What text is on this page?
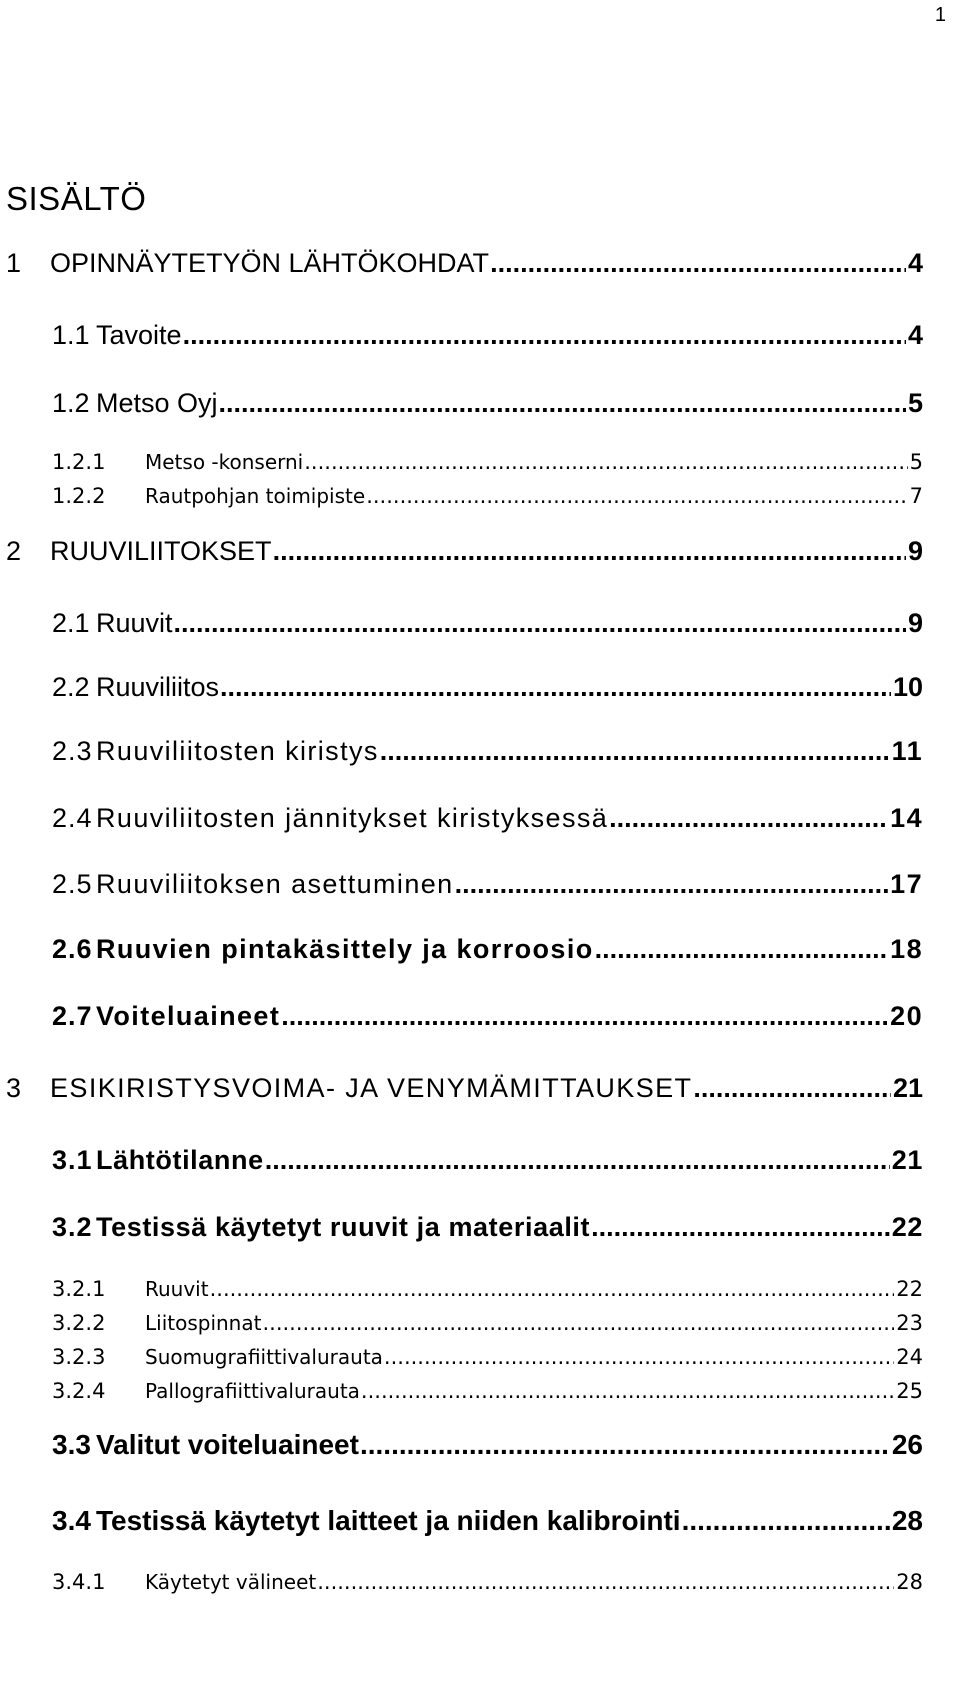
1
SISÄLTÖ
1	OPINNÄYTETYÖN LÄHTÖKOHDAT .....	4
1.1 Tavoite .....	4
1.2 Metso Oyj .....	5
1.2.1	Metso -konserni .....	5
1.2.2	Rautpohjan toimipiste .....	7
2	RUUVILIITOKSET .....	9
2.1 Ruuvit .....	9
2.2 Ruuviliitos .....	10
2.3 Ruuviliitosten kiristys .....	11
2.4 Ruuviliitosten jännitykset kiristyksessä .....	14
2.5 Ruuviliitoksen asettuminen .....	17
2.6 Ruuvien pintakäsittely ja korroosio .....	18
2.7 Voiteluaineet .....	20
3	ESIKIRISTYSVOIMA- JA VENYMÄMITTAUKSET .....	21
3.1 Lähtötilanne .....	21
3.2 Testissä käytetyt ruuvit ja materiaalit .....	22
3.2.1	Ruuvit .....	22
3.2.2	Liitospinnat .....	23
3.2.3	Suomugrafiittivalurauta .....	24
3.2.4	Pallografiittivalurauta .....	25
3.3 Valitut voiteluaineet .....	26
3.4 Testissä käytetyt laitteet ja niiden kalibrointi .....	28
3.4.1	Käytetyt välineet .....	28
